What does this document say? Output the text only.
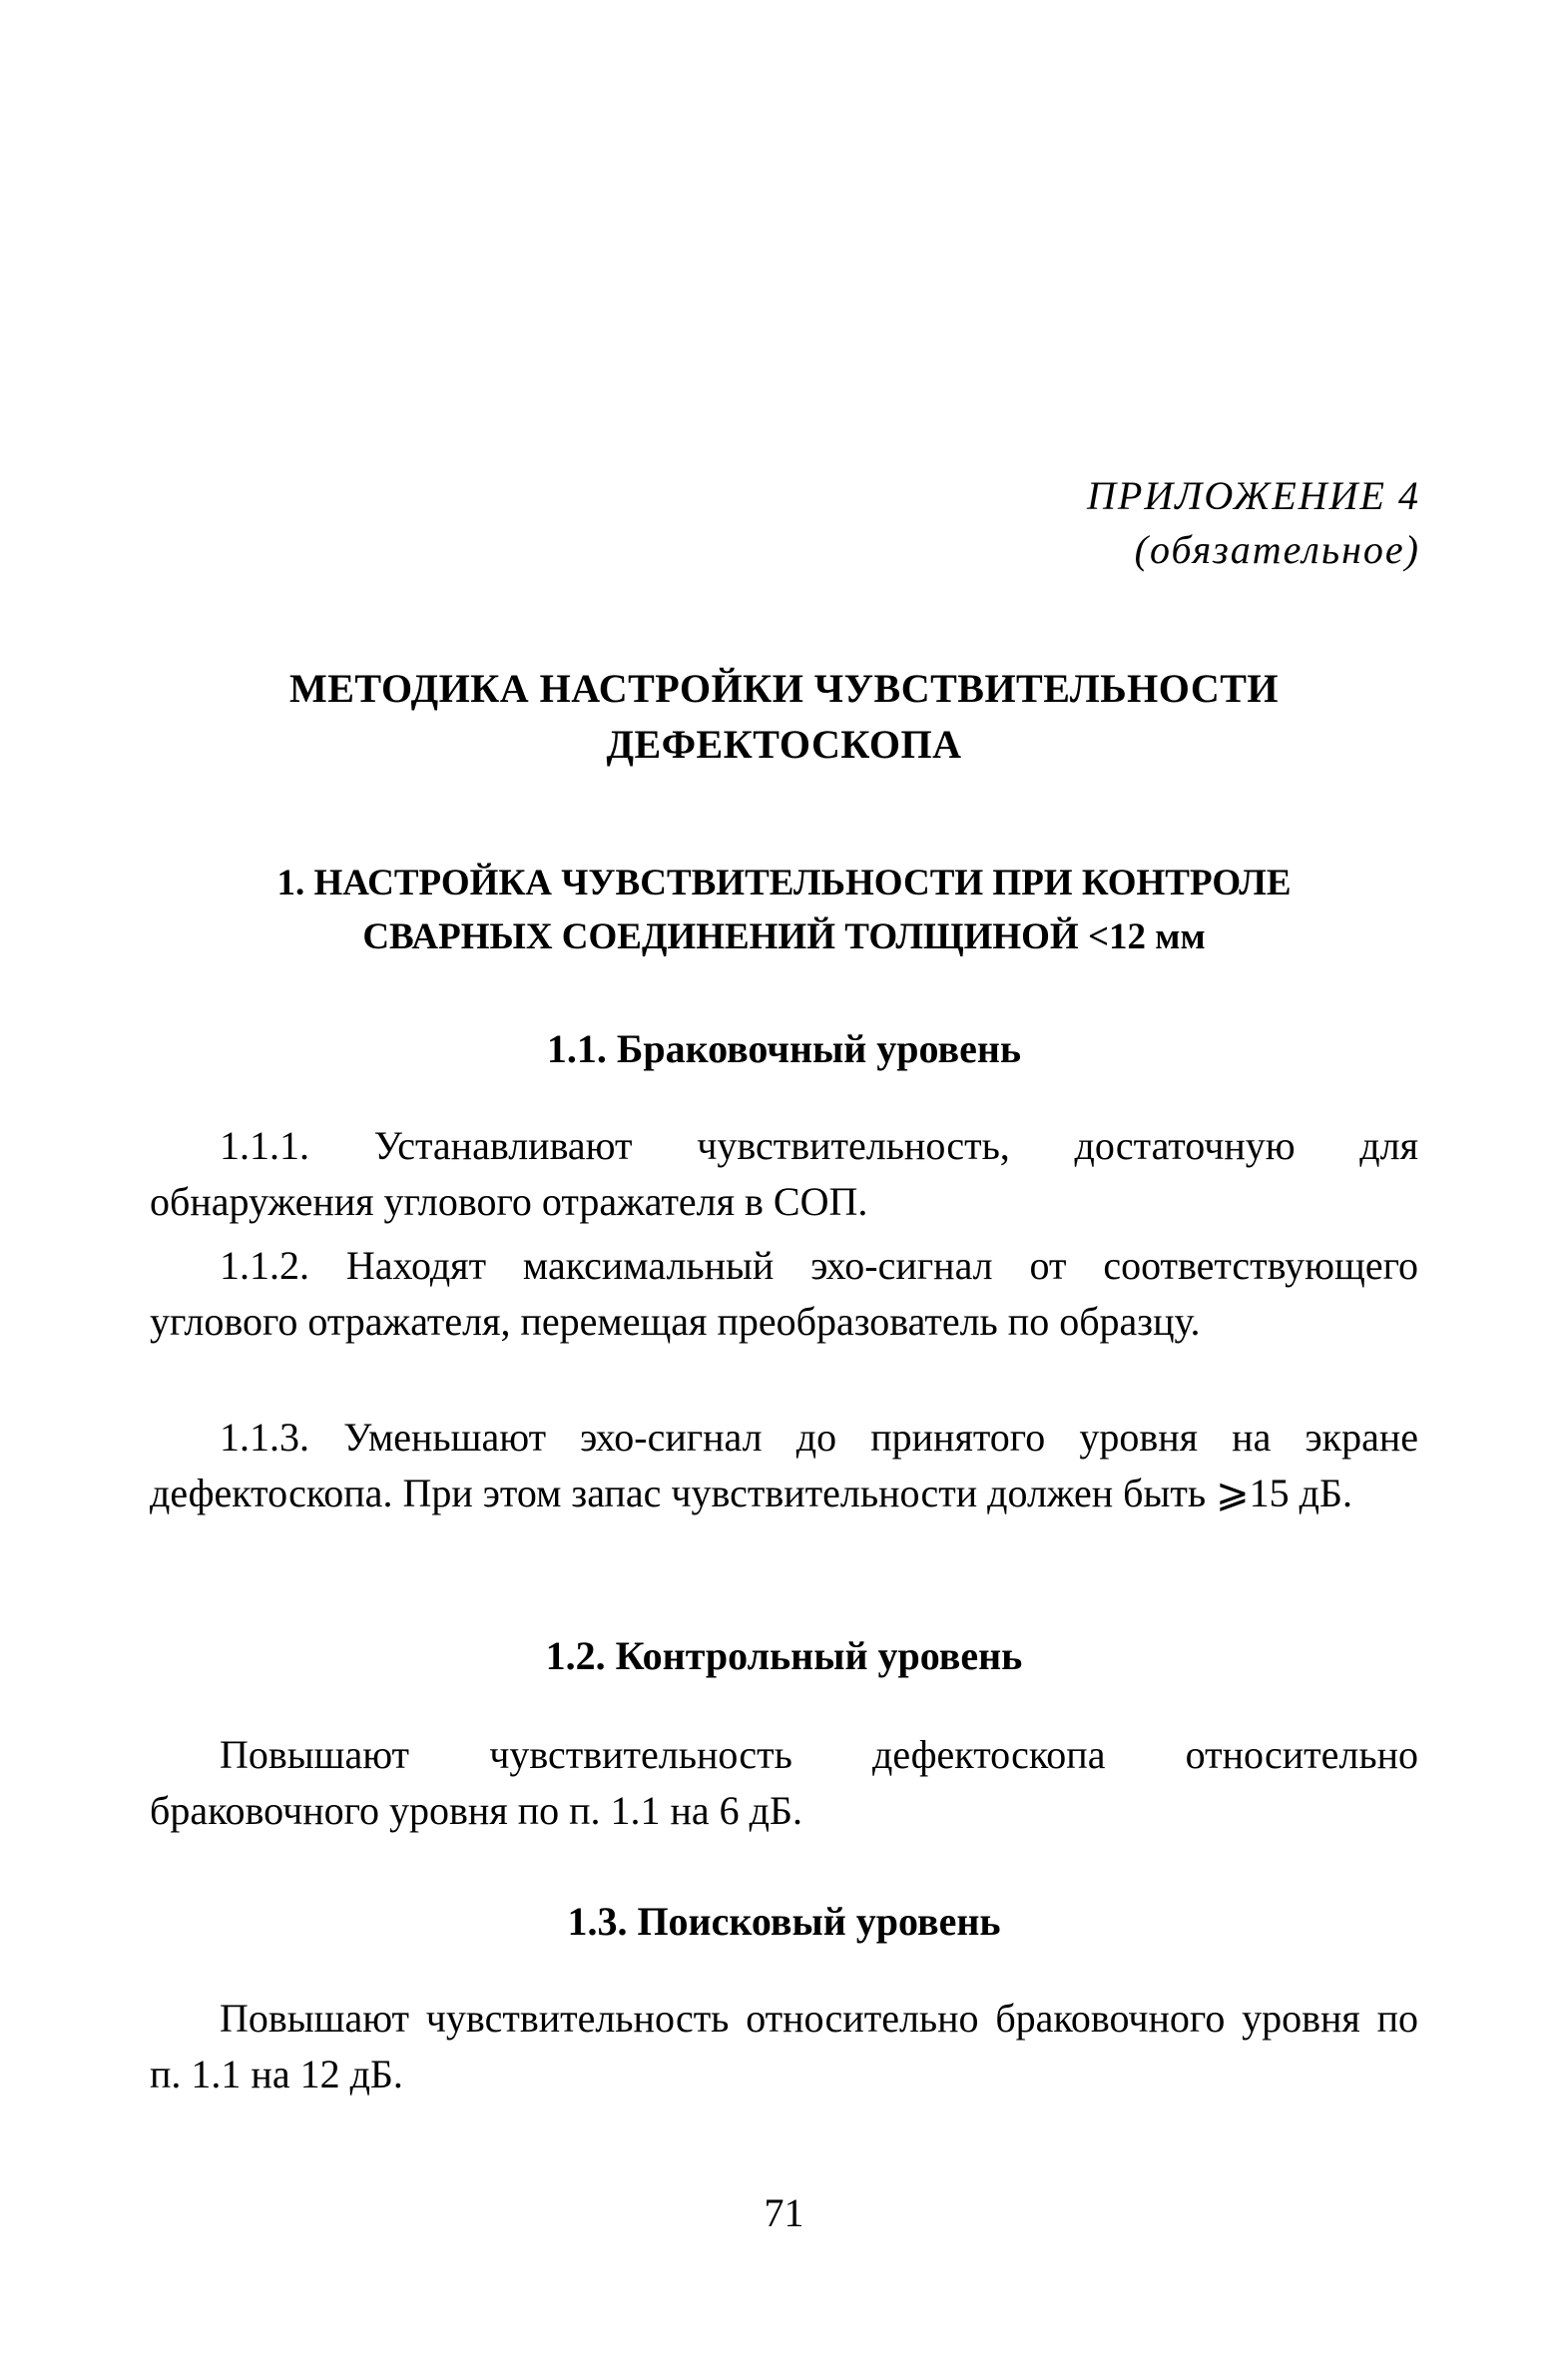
ПРИЛОЖЕНИЕ 4
(обязательное)
МЕТОДИКА НАСТРОЙКИ ЧУВСТВИТЕЛЬНОСТИ
ДЕФЕКТОСКОПА
1. НАСТРОЙКА ЧУВСТВИТЕЛЬНОСТИ ПРИ КОНТРОЛЕ
СВАРНЫХ СОЕДИНЕНИЙ ТОЛЩИНОЙ <12 мм
1.1. Браковочный уровень
1.1.1. Устанавливают чувствительность, достаточную для обнаружения углового отражателя в СОП.
1.1.2. Находят максимальный эхо-сигнал от соответствующего углового отражателя, перемещая преобразователь по образцу.
1.1.3. Уменьшают эхо-сигнал до принятого уровня на экране дефектоскопа. При этом запас чувствительности должен быть ⩾15 дБ.
1.2. Контрольный уровень
Повышают чувствительность дефектоскопа относительно браковочного уровня по п. 1.1 на 6 дБ.
1.3. Поисковый уровень
Повышают чувствительность относительно браковочного уровня по п. 1.1 на 12 дБ.
71
